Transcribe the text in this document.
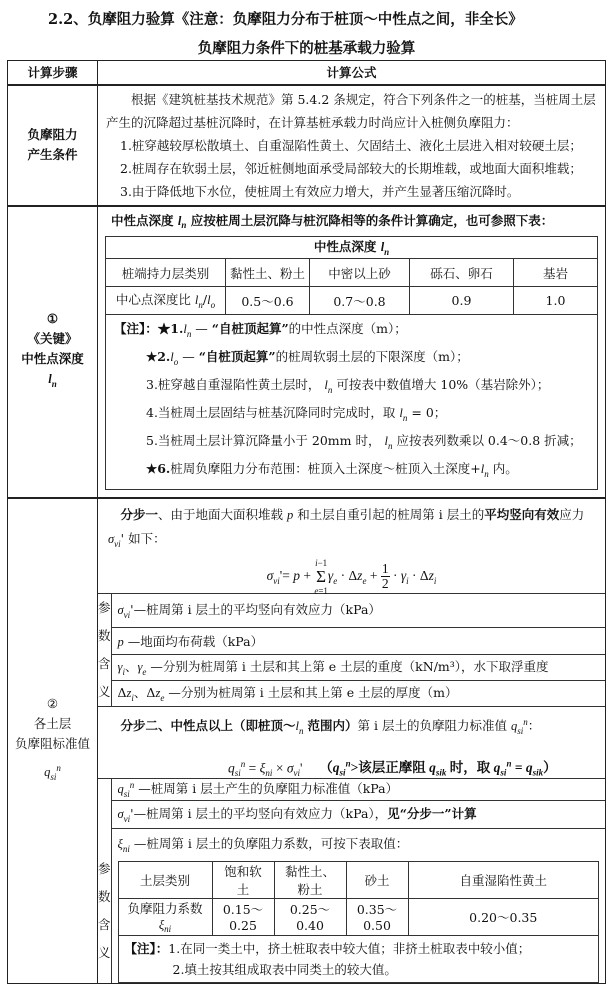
2.2、负摩阻力验算《注意：负摩阻力分布于桩顶～中性点之间，非全长》
负摩阻力条件下的桩基承载力验算
计算步骤	计算公式

负摩阻力
产生条件

根据《建筑桩基技术规范》第 5.4.2 条规定，符合下列条件之一的桩基，当桩周土层产生的沉降超过基桩沉降时，在计算基桩承载力时尚应计入桩侧负摩阻力：
1.桩穿越较厚松散填土、自重湿陷性黄土、欠固结土、液化土层进入相对较硬土层；
2.桩周存在软弱土层，邻近桩侧地面承受局部较大的长期堆载，或地面大面积堆载；
3.由于降低地下水位，使桩周土有效应力增大，并产生显著压缩沉降时。

①
《关键》
中性点深度
$l_n$

中性点深度 $l_n$ 应按桩周土层沉降与桩沉降相等的条件计算确定，也可参照下表：
中性点深度 $l_n$
桩端持力层类别	黏性土、粉土	中密以上砂	砾石、卵石	基岩
中心点深度比 $l_n/l_o$	0.5～0.6	0.7～0.8	0.9	1.0
【注】：$★1.l_n$ — “自桩顶起算”的中性点深度（m）；
$★2.l_o$ — “自桩顶起算”的桩周软弱土层的下限深度（m）；
3.桩穿越自重湿陷性黄土层时， $l_n$ 可按表中数值增大 10%（基岩除外）；
4.当桩周土层固结与桩基沉降同时完成时，取 $l_n = 0$；
5.当桩周土层计算沉降量小于 20mm 时， $l_n$ 应按表列数乘以 0.4～0.8 折减；
★6.桩周负摩阻力分布范围：桩顶入土深度～桩顶入土深度$+l_n$ 内。

②
各土层
负摩阻标准值
$q_{si}^n$

分步一、由于地面大面积堆载 p 和土层自重引起的桩周第 i 层土的平均竖向有效应力
$\sigma_{vi}'$ 如下：
$\sigma_{vi}'= p$ +
i−1
Σ
e=1
$\gamma_e \cdot \Delta z_e + \frac{1}{2} \cdot \gamma_i \cdot \Delta z_i$
参
数
含
义
	$\sigma_{vi}'—$桩周第 i 层土的平均竖向有效应力（kPa）
p —地面均布荷载（kPa）
$\gamma_i$、$\gamma_e$ —分别为桩周第 i 土层和其上第 e 土层的重度（kN/m³），水下取浮重度
$\Delta z_i$、$\Delta z_e$ —分别为桩周第 i 土层和其上第 e 土层的厚度（m）
分步二、中性点以上（即桩顶$\sim l_n$ 范围内）第 i 层土的负摩阻力标准值 $q_{si}^n$：
$q_{si}^n = \xi_{ni} \times \sigma_{vi}'$     （$q_{si}^n>$该层正摩阻 $q_{sik}$ 时，取 $q_{si}^n = q_{sik}$）
参
数
含
义
	$q_{si}^n$ —桩周第 i 层土产生的负摩阻力标准值（kPa）
$\sigma_{vi}'—$桩周第 i 层土的平均竖向有效应力（kPa），见“分步一”计算

$\xi_{ni}$ —桩周第 i 层土的负摩阻力系数，可按下表取值：
土层类别	饱和软土	黏性土、粉土	砂土	自重湿陷性黄土
负摩阻力系数 $\xi_{ni}$	0.15～0.25	0.25～0.40	0.35～0.50	0.20～0.35
【注】：1.在同一类土中，挤土桩取表中较大值；非挤土桩取表中较小值；
2.填土按其组成取表中同类土的较大值。
